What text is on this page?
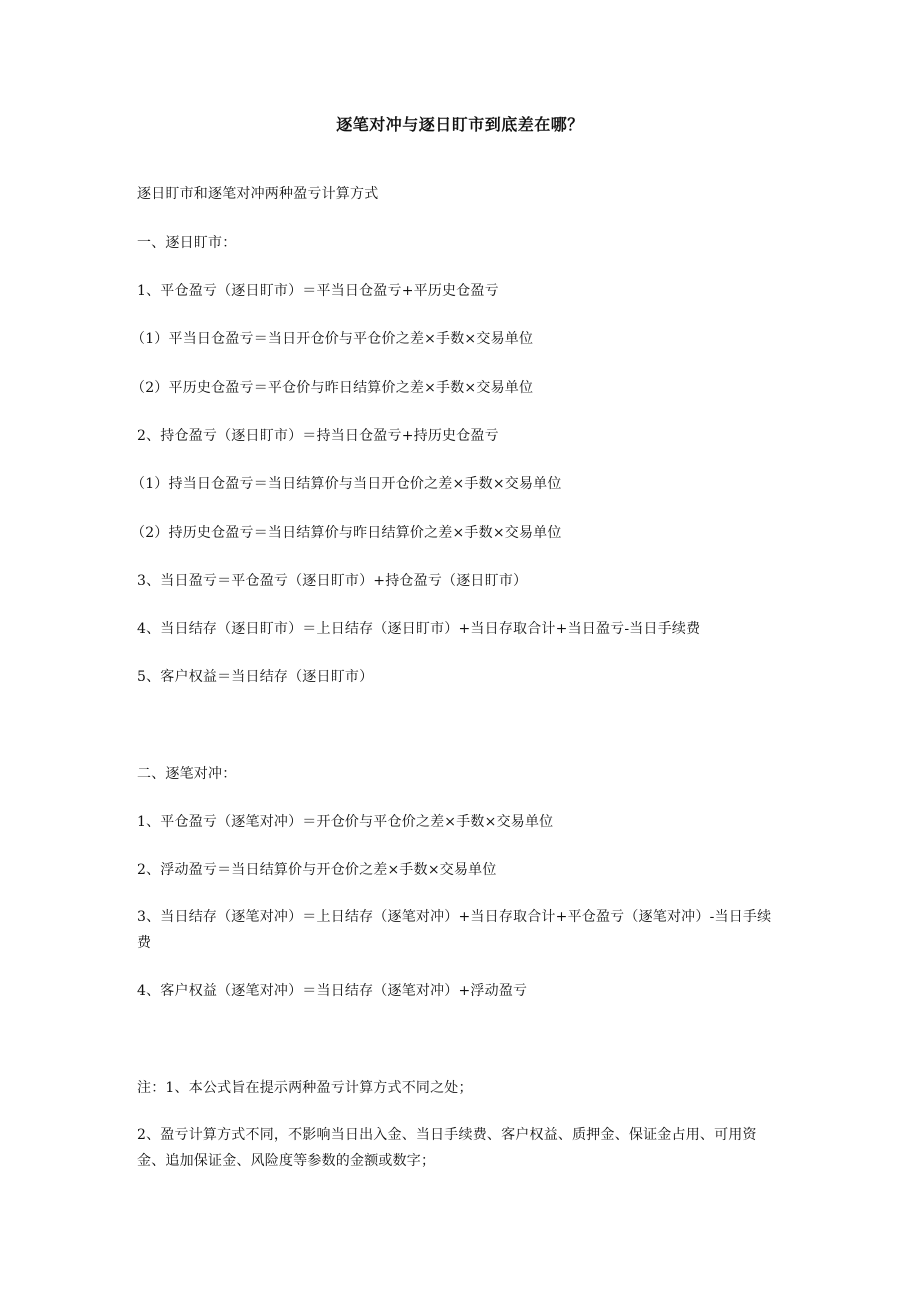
逐笔对冲与逐日盯市到底差在哪？
逐日盯市和逐笔对冲两种盈亏计算方式
一、逐日盯市：
1、平仓盈亏（逐日盯市）＝平当日仓盈亏+平历史仓盈亏
（1）平当日仓盈亏＝当日开仓价与平仓价之差×手数×交易单位
（2）平历史仓盈亏＝平仓价与昨日结算价之差×手数×交易单位
2、持仓盈亏（逐日盯市）＝持当日仓盈亏+持历史仓盈亏
（1）持当日仓盈亏＝当日结算价与当日开仓价之差×手数×交易单位
（2）持历史仓盈亏＝当日结算价与昨日结算价之差×手数×交易单位
3、当日盈亏＝平仓盈亏（逐日盯市）+持仓盈亏（逐日盯市）
4、当日结存（逐日盯市）＝上日结存（逐日盯市）+当日存取合计+当日盈亏-当日手续费
5、客户权益＝当日结存（逐日盯市）
二、逐笔对冲：
1、平仓盈亏（逐笔对冲）＝开仓价与平仓价之差×手数×交易单位
2、浮动盈亏＝当日结算价与开仓价之差×手数×交易单位
3、当日结存（逐笔对冲）＝上日结存（逐笔对冲）+当日存取合计+平仓盈亏（逐笔对冲）-当日手续费
4、客户权益（逐笔对冲）＝当日结存（逐笔对冲）+浮动盈亏
注：1、本公式旨在提示两种盈亏计算方式不同之处；
2、盈亏计算方式不同，不影响当日出入金、当日手续费、客户权益、质押金、保证金占用、可用资金、追加保证金、风险度等参数的金额或数字；
